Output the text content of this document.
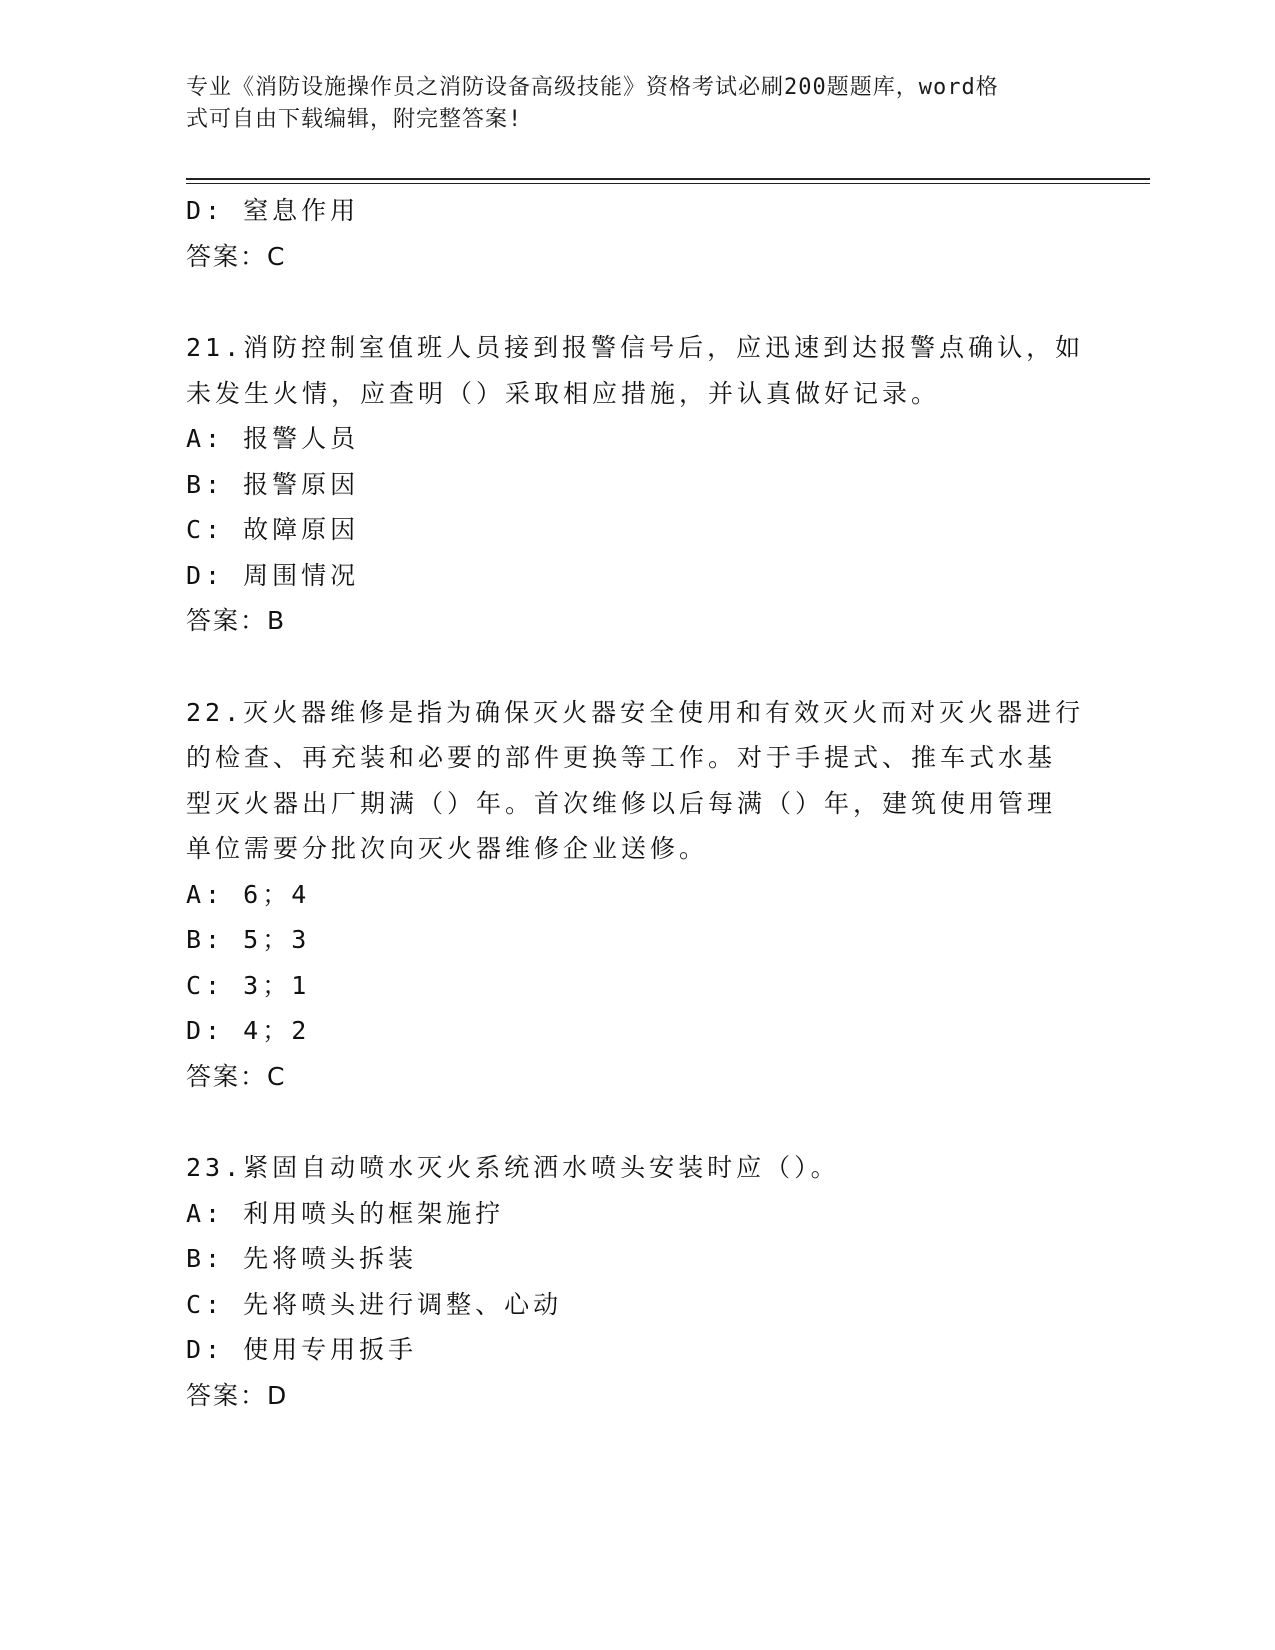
专业《消防设施操作员之消防设备高级技能》资格考试必刷200题题库，word格
式可自由下载编辑，附完整答案!
D: 窒息作用
答案：C
21.消防控制室值班人员接到报警信号后，应迅速到达报警点确认，如
未发生火情，应查明（）采取相应措施，并认真做好记录。
A: 报警人员
B: 报警原因
C: 故障原因
D: 周围情况
答案：B
22.灭火器维修是指为确保灭火器安全使用和有效灭火而对灭火器进行
的检查、再充装和必要的部件更换等工作。对于手提式、推车式水基
型灭火器出厂期满（）年。首次维修以后每满（）年，建筑使用管理
单位需要分批次向灭火器维修企业送修。
A: 6；4
B: 5；3
C: 3；1
D: 4；2
答案：C
23.紧固自动喷水灭火系统洒水喷头安装时应（）。
A: 利用喷头的框架施拧
B: 先将喷头拆装
C: 先将喷头进行调整、心动
D: 使用专用扳手
答案：D
